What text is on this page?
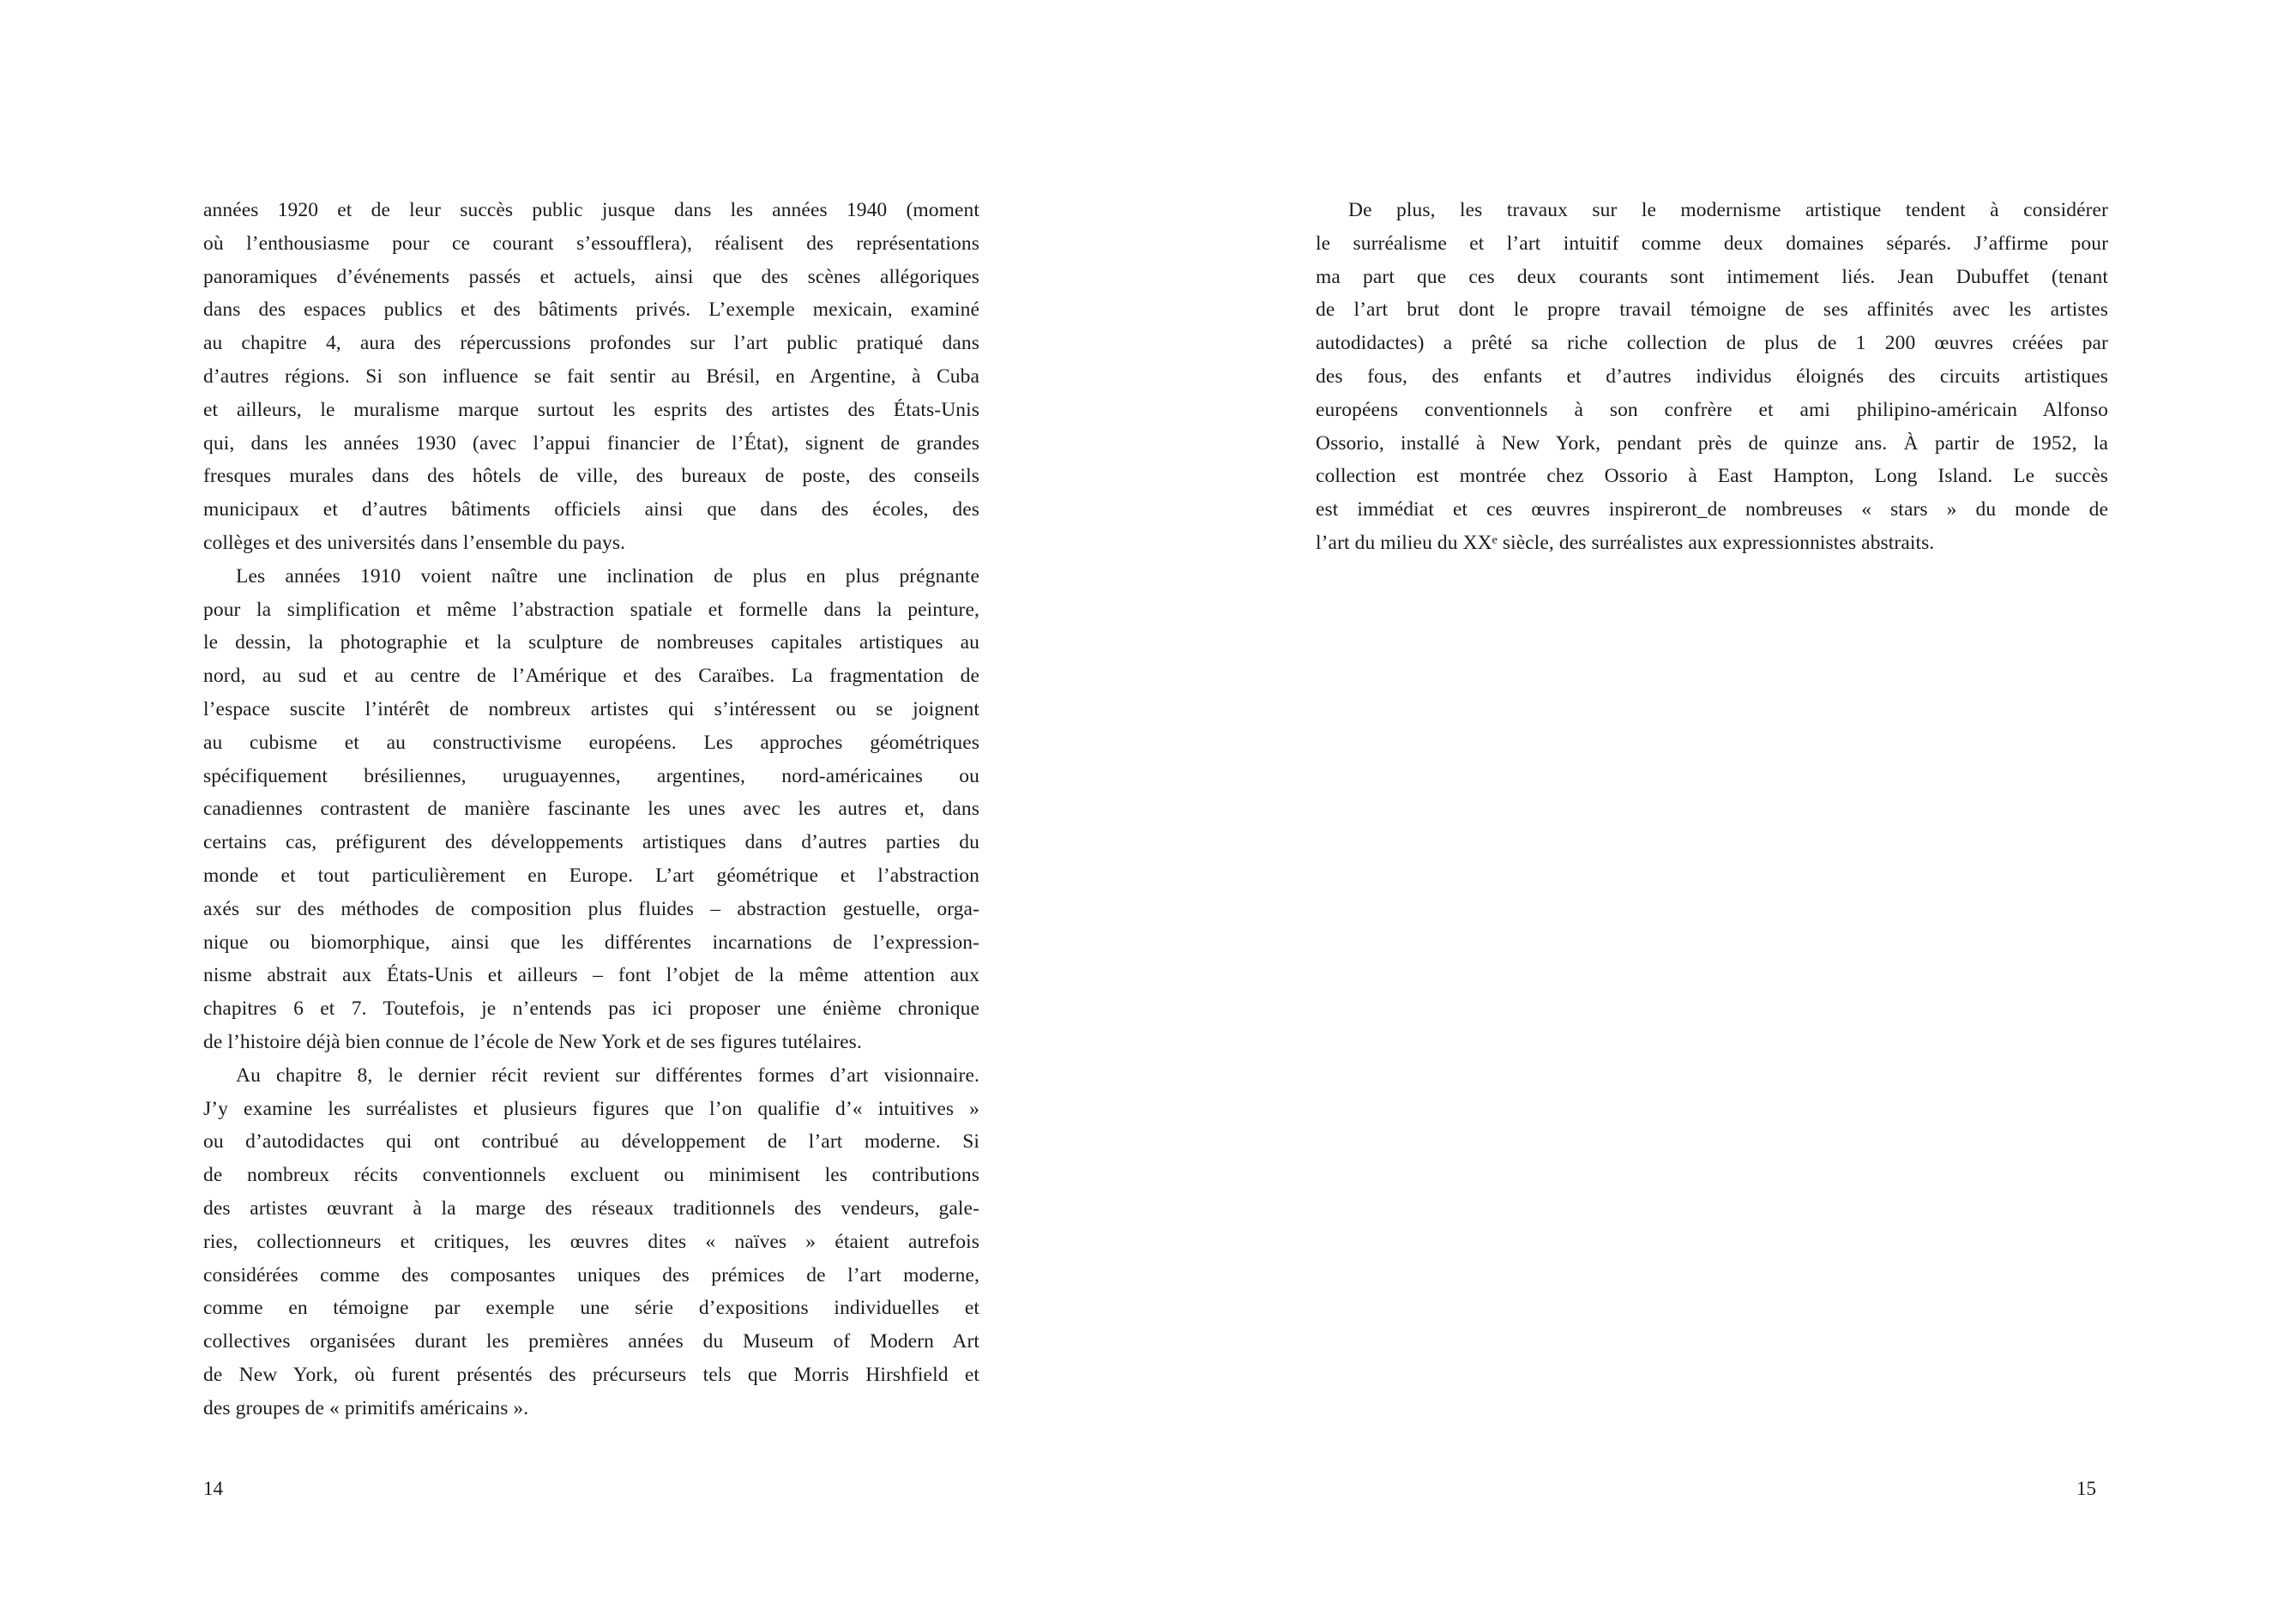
années 1920 et de leur succès public jusque dans les années 1940 (moment
où l’enthousiasme pour ce courant s’essoufflera), réalisent des représentations
panoramiques d’événements passés et actuels, ainsi que des scènes allégoriques
dans des espaces publics et des bâtiments privés. L’exemple mexicain, examiné
au chapitre 4, aura des répercussions profondes sur l’art public pratiqué dans
d’autres régions. Si son influence se fait sentir au Brésil, en Argentine, à Cuba
et ailleurs, le muralisme marque surtout les esprits des artistes des États-Unis
qui, dans les années 1930 (avec l’appui financier de l’État), signent de grandes
fresques murales dans des hôtels de ville, des bureaux de poste, des conseils
municipaux et d’autres bâtiments officiels ainsi que dans des écoles, des
collèges et des universités dans l’ensemble du pays.
Les années 1910 voient naître une inclination de plus en plus prégnante
pour la simplification et même l’abstraction spatiale et formelle dans la peinture,
le dessin, la photographie et la sculpture de nombreuses capitales artistiques au
nord, au sud et au centre de l’Amérique et des Caraïbes. La fragmentation de
l’espace suscite l’intérêt de nombreux artistes qui s’intéressent ou se joignent
au cubisme et au constructivisme européens. Les approches géométriques
spécifiquement brésiliennes, uruguayennes, argentines, nord-américaines ou
canadiennes contrastent de manière fascinante les unes avec les autres et, dans
certains cas, préfigurent des développements artistiques dans d’autres parties du
monde et tout particulièrement en Europe. L’art géométrique et l’abstraction
axés sur des méthodes de composition plus fluides – abstraction gestuelle, orga-
nique ou biomorphique, ainsi que les différentes incarnations de l’expression-
nisme abstrait aux États-Unis et ailleurs – font l’objet de la même attention aux
chapitres 6 et 7. Toutefois, je n’entends pas ici proposer une énième chronique
de l’histoire déjà bien connue de l’école de New York et de ses figures tutélaires.
Au chapitre 8, le dernier récit revient sur différentes formes d’art visionnaire.
J’y examine les surréalistes et plusieurs figures que l’on qualifie d’« intuitives »
ou d’autodidactes qui ont contribué au développement de l’art moderne. Si
de nombreux récits conventionnels excluent ou minimisent les contributions
des artistes œuvrant à la marge des réseaux traditionnels des vendeurs, gale-
ries, collectionneurs et critiques, les œuvres dites « naïves » étaient autrefois
considérées comme des composantes uniques des prémices de l’art moderne,
comme en témoigne par exemple une série d’expositions individuelles et
collectives organisées durant les premières années du Museum of Modern Art
de New York, où furent présentés des précurseurs tels que Morris Hirshfield et
des groupes de « primitifs américains ».
De plus, les travaux sur le modernisme artistique tendent à considérer
le surréalisme et l’art intuitif comme deux domaines séparés. J’affirme pour
ma part que ces deux courants sont intimement liés. Jean Dubuffet (tenant
de l’art brut dont le propre travail témoigne de ses affinités avec les artistes
autodidactes) a prêté sa riche collection de plus de 1 200 œuvres créées par
des fous, des enfants et d’autres individus éloignés des circuits artistiques
européens conventionnels à son confrère et ami philipino-américain Alfonso
Ossorio, installé à New York, pendant près de quinze ans. À partir de 1952, la
collection est montrée chez Ossorio à East Hampton, Long Island. Le succès
est immédiat et ces œuvres inspireront_de nombreuses « stars » du monde de
l’art du milieu du XXᵉ siècle, des surréalistes aux expressionnistes abstraits.
14	15
